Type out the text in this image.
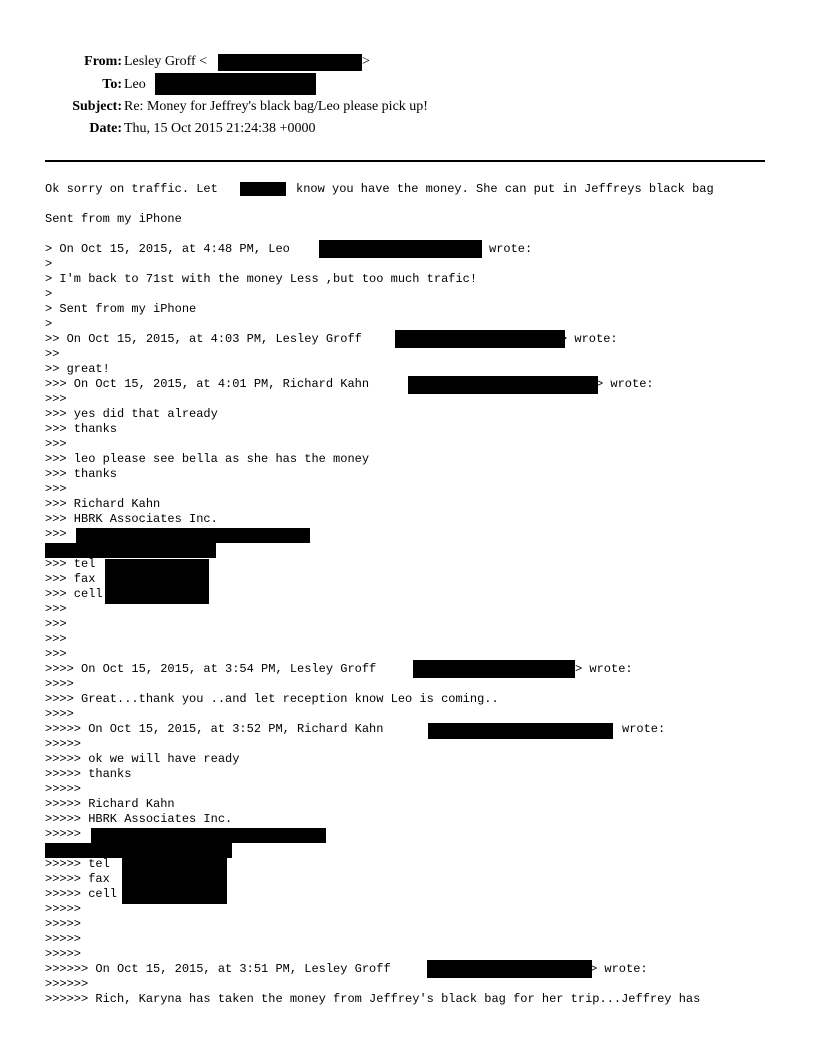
From: Lesley Groff <	>
To: Leo
Subject: Re: Money for Jeffrey's black bag/Leo please pick up!
Date: Thu, 15 Oct 2015 21:24:38 +0000
Ok sorry on traffic. Let	know you have the money. She can put in Jeffreys black bag
Sent from my iPhone
> On Oct 15, 2015, at 4:48 PM, Leo	wrote:
>
> I'm back to 71st with the money Less ,but too much trafic!
>
> Sent from my iPhone
>
>> On Oct 15, 2015, at 4:03 PM, Lesley Groff	> wrote:
>>
>> great!
>>> On Oct 15, 2015, at 4:01 PM, Richard Kahn	> wrote:
>>>
>>> yes did that already
>>> thanks
>>>
>>> leo please see bella as she has the money
>>> thanks
>>>
>>> Richard Kahn
>>> HBRK Associates Inc.
>>>
>>> tel
>>> fax
>>> cell
>>>
>>>
>>>
>>>
>>>> On Oct 15, 2015, at 3:54 PM, Lesley Groff	> wrote:
>>>>
>>>> Great...thank you ..and let reception know Leo is coming..
>>>>
>>>>> On Oct 15, 2015, at 3:52 PM, Richard Kahn	wrote:
>>>>>
>>>>> ok we will have ready
>>>>> thanks
>>>>>
>>>>> Richard Kahn
>>>>> HBRK Associates Inc.
>>>>>
>>>>> tel
>>>>> fax
>>>>> cell
>>>>>
>>>>>
>>>>>
>>>>>
>>>>>> On Oct 15, 2015, at 3:51 PM, Lesley Groff	> wrote:
>>>>>>
>>>>>> Rich, Karyna has taken the money from Jeffrey's black bag for her trip...Jeffrey has
